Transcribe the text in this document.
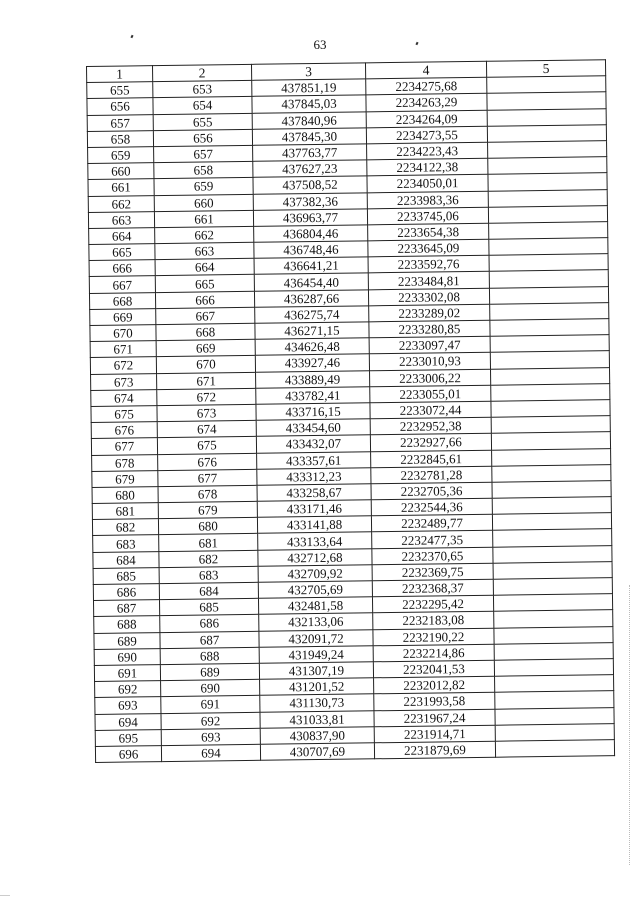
63
1	2	3	4	5
655	653	437851,19	2234275,68	
656	654	437845,03	2234263,29	
657	655	437840,96	2234264,09	
658	656	437845,30	2234273,55	
659	657	437763,77	2234223,43	
660	658	437627,23	2234122,38	
661	659	437508,52	2234050,01	
662	660	437382,36	2233983,36	
663	661	436963,77	2233745,06	
664	662	436804,46	2233654,38	
665	663	436748,46	2233645,09	
666	664	436641,21	2233592,76	
667	665	436454,40	2233484,81	
668	666	436287,66	2233302,08	
669	667	436275,74	2233289,02	
670	668	436271,15	2233280,85	
671	669	434626,48	2233097,47	
672	670	433927,46	2233010,93	
673	671	433889,49	2233006,22	
674	672	433782,41	2233055,01	
675	673	433716,15	2233072,44	
676	674	433454,60	2232952,38	
677	675	433432,07	2232927,66	
678	676	433357,61	2232845,61	
679	677	433312,23	2232781,28	
680	678	433258,67	2232705,36	
681	679	433171,46	2232544,36	
682	680	433141,88	2232489,77	
683	681	433133,64	2232477,35	
684	682	432712,68	2232370,65	
685	683	432709,92	2232369,75	
686	684	432705,69	2232368,37	
687	685	432481,58	2232295,42	
688	686	432133,06	2232183,08	
689	687	432091,72	2232190,22	
690	688	431949,24	2232214,86	
691	689	431307,19	2232041,53	
692	690	431201,52	2232012,82	
693	691	431130,73	2231993,58	
694	692	431033,81	2231967,24	
695	693	430837,90	2231914,71	
696	694	430707,69	2231879,69	
